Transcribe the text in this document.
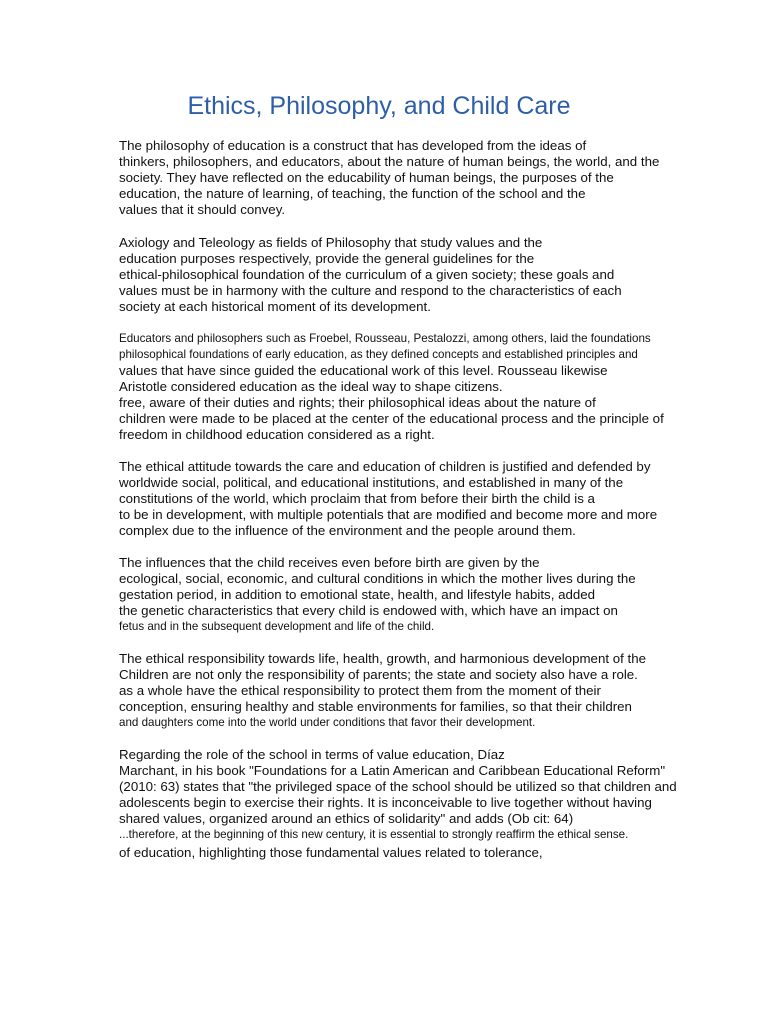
Ethics, Philosophy, and Child Care

The philosophy of education is a construct that has developed from the ideas of

thinkers, philosophers, and educators, about the nature of human beings, the world, and the

society. They have reflected on the educability of human beings, the purposes of the

education, the nature of learning, of teaching, the function of the school and the

values that it should convey.

Axiology and Teleology as fields of Philosophy that study values and the

education purposes respectively, provide the general guidelines for the

ethical-philosophical foundation of the curriculum of a given society; these goals and

values must be in harmony with the culture and respond to the characteristics of each

society at each historical moment of its development.

Educators and philosophers such as Froebel, Rousseau, Pestalozzi, among others, laid the foundations

philosophical foundations of early education, as they defined concepts and established principles and

values that have since guided the educational work of this level. Rousseau likewise

Aristotle considered education as the ideal way to shape citizens.

free, aware of their duties and rights; their philosophical ideas about the nature of

children were made to be placed at the center of the educational process and the principle of

freedom in childhood education considered as a right.

The ethical attitude towards the care and education of children is justified and defended by

worldwide social, political, and educational institutions, and established in many of the

constitutions of the world, which proclaim that from before their birth the child is a

to be in development, with multiple potentials that are modified and become more and more

complex due to the influence of the environment and the people around them.

The influences that the child receives even before birth are given by the

ecological, social, economic, and cultural conditions in which the mother lives during the

gestation period, in addition to emotional state, health, and lifestyle habits, added

the genetic characteristics that every child is endowed with, which have an impact on

fetus and in the subsequent development and life of the child.

The ethical responsibility towards life, health, growth, and harmonious development of the

Children are not only the responsibility of parents; the state and society also have a role.

as a whole have the ethical responsibility to protect them from the moment of their

conception, ensuring healthy and stable environments for families, so that their children

and daughters come into the world under conditions that favor their development.

Regarding the role of the school in terms of value education, Díaz

Marchant, in his book "Foundations for a Latin American and Caribbean Educational Reform"

(2010: 63) states that "the privileged space of the school should be utilized so that children and

adolescents begin to exercise their rights. It is inconceivable to live together without having

shared values, organized around an ethics of solidarity" and adds (Ob cit: 64)

...therefore, at the beginning of this new century, it is essential to strongly reaffirm the ethical sense.

of education, highlighting those fundamental values related to tolerance,
